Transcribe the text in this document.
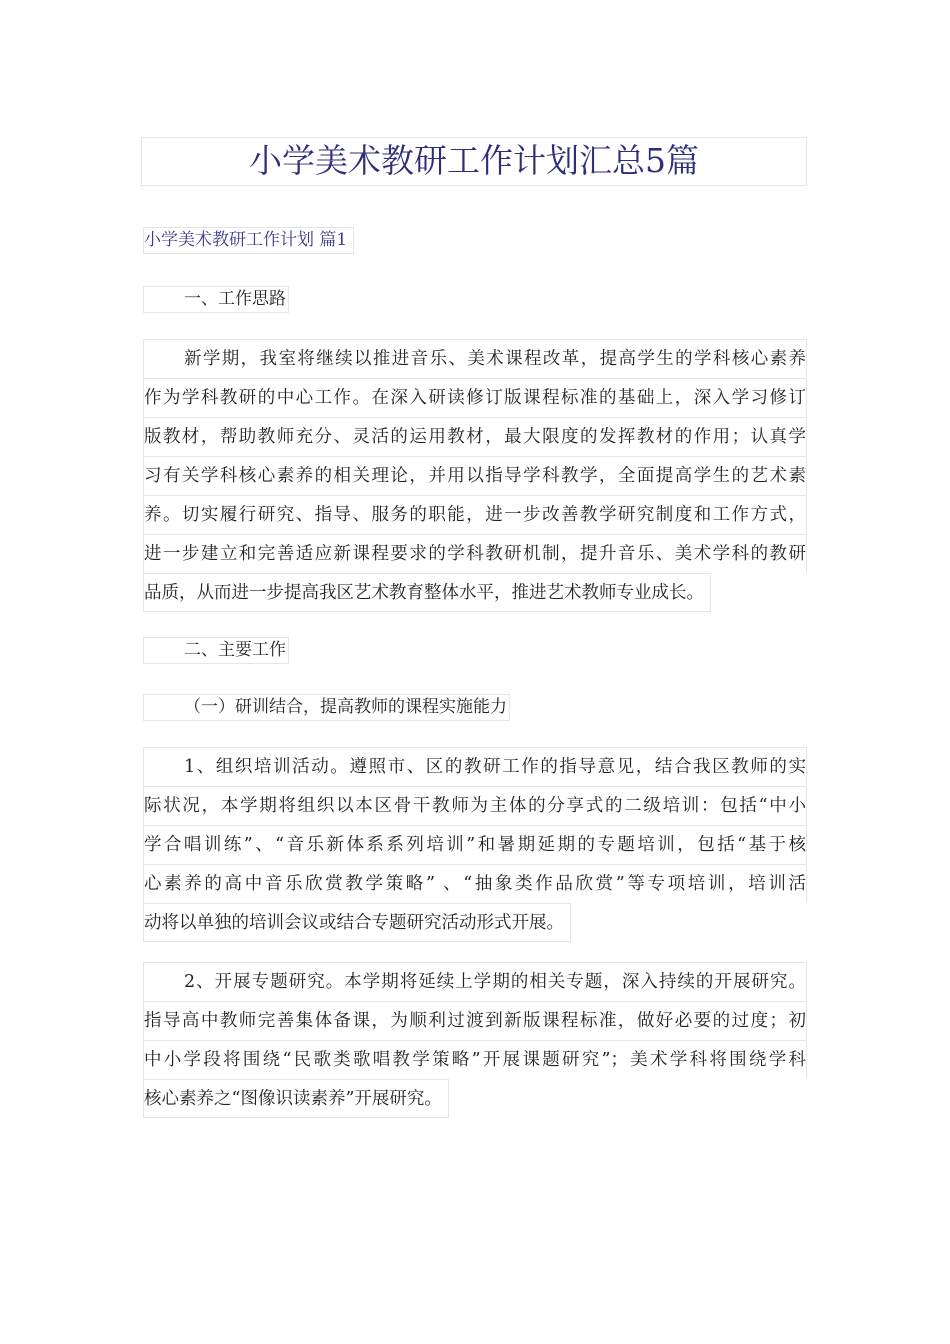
小学美术教研工作计划汇总5篇
小学美术教研工作计划 篇1
一、工作思路
新学期，我室将继续以推进音乐、美术课程改革，提高学生的学科核心素养
作为学科教研的中心工作。在深入研读修订版课程标准的基础上，深入学习修订
版教材，帮助教师充分、灵活的运用教材，最大限度的发挥教材的作用；认真学
习有关学科核心素养的相关理论，并用以指导学科教学，全面提高学生的艺术素
养。切实履行研究、指导、服务的职能，进一步改善教学研究制度和工作方式，
进一步建立和完善适应新课程要求的学科教研机制，提升音乐、美术学科的教研
品质，从而进一步提高我区艺术教育整体水平，推进艺术教师专业成长。
二、主要工作
（一）研训结合，提高教师的课程实施能力
1、组织培训活动。遵照市、区的教研工作的指导意见，结合我区教师的实
际状况，本学期将组织以本区骨干教师为主体的分享式的二级培训：包括“中小
学合唱训练”、“音乐新体系系列培训”和暑期延期的专题培训，包括“基于核
心素养的高中音乐欣赏教学策略” 、“抽象类作品欣赏”等专项培训，培训活
动将以单独的培训会议或结合专题研究活动形式开展。
2、开展专题研究。本学期将延续上学期的相关专题，深入持续的开展研究。
指导高中教师完善集体备课，为顺利过渡到新版课程标准，做好必要的过度；初
中小学段将围绕“民歌类歌唱教学策略”开展课题研究”；美术学科将围绕学科
核心素养之“图像识读素养”开展研究。
